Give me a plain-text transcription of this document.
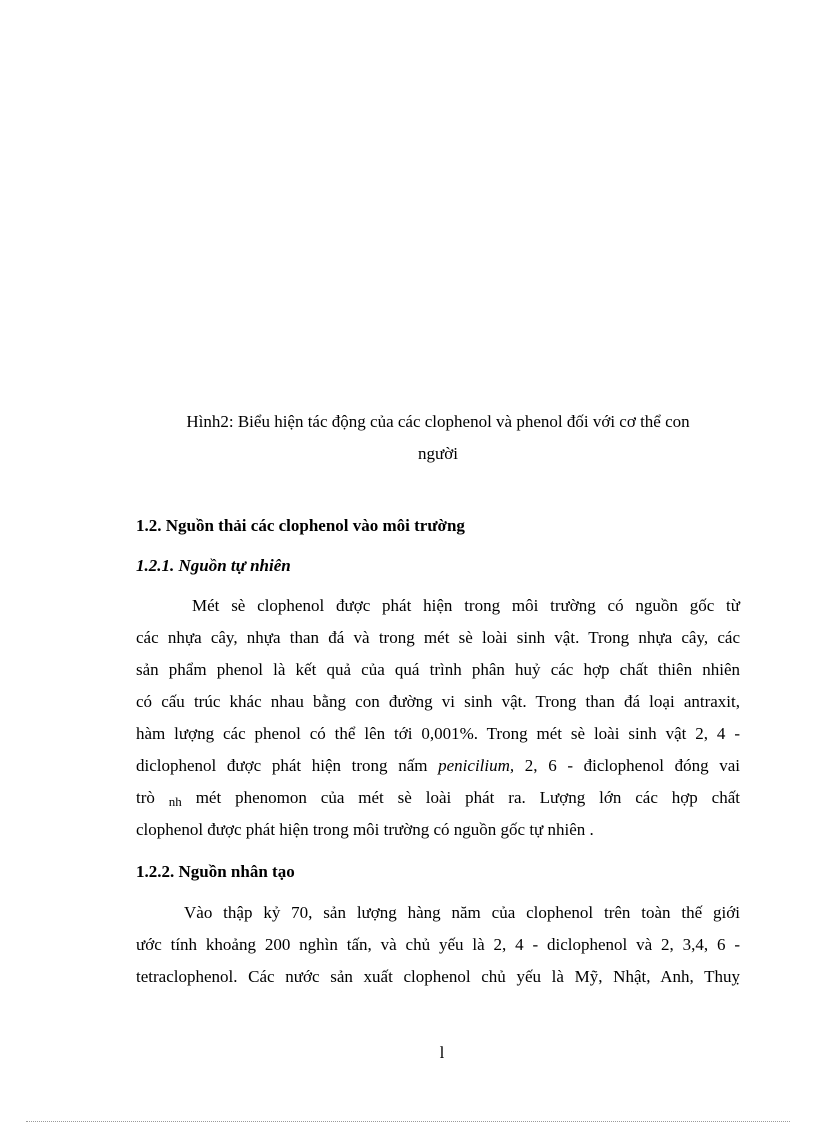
Hình2: Biểu hiện tác động của các clophenol và phenol đối với cơ thể con
người
1.2. Nguồn thải các clophenol vào môi trường
1.2.1. Nguồn tự nhiên
Mét sè clophenol được phát hiện trong môi trường có nguồn gốc từ
các nhựa cây, nhựa than đá và trong mét sè loài sinh vật. Trong nhựa cây, các
sản phẩm phenol là kết quả của quá trình phân huỷ các hợp chất thiên nhiên
có cấu trúc khác nhau bằng con đường vi sinh vật. Trong than đá loại antraxit,
hàm lượng các phenol có thể lên tới 0,001%. Trong mét sè loài sinh vật 2, 4 -
diclophenol được phát hiện trong nấm penicilium, 2, 6 - điclophenol đóng vai
trò nh mét phenomon của mét sè loài phát ra. Lượng lớn các hợp chất
clophenol được phát hiện trong môi trường có nguồn gốc tự nhiên .
1.2.2. Nguồn nhân tạo
Vào thập kỷ 70, sản lượng hàng năm của clophenol trên toàn thế giới
ước tính khoảng 200 nghìn tấn, và chủ yếu là 2, 4 - diclophenol và 2, 3,4, 6 -
tetraclophenol. Các nước sản xuất clophenol chủ yếu là Mỹ, Nhật, Anh, Thuỵ
l
